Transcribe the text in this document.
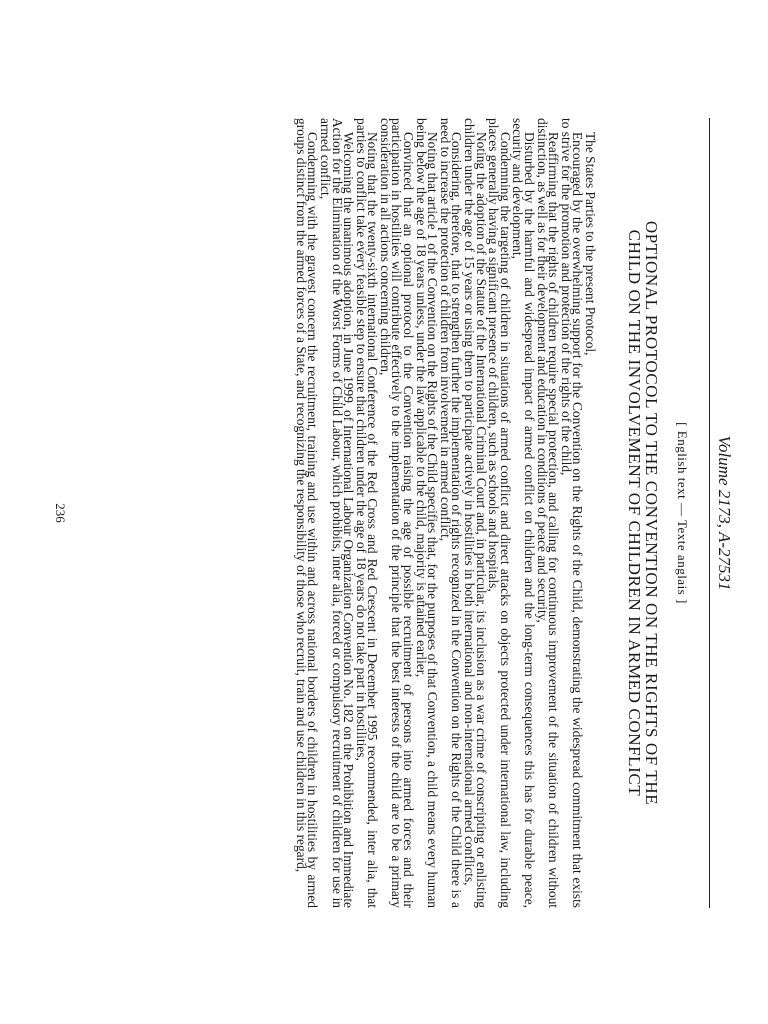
Volume 2173, A-27531
[ English text — Texte anglais ]
OPTIONAL PROTOCOL TO THE CONVENTION ON THE RIGHTS OF THE
CHILD ON THE INVOLVEMENT OF CHILDREN IN ARMED CONFLICT

The States Parties to the present Protocol,

Encouraged by the overwhelming support for the Convention on the Rights of the Child, demonstrating the widespread commitment that exists to strive for the promotion and protection of the rights of the child,

Reaffirming that the rights of children require special protection, and calling for continuous improvement of the situation of children without distinction, as well as for their development and education in conditions of peace and security,

Disturbed by the harmful and widespread impact of armed conflict on children and the long-term consequences this has for durable peace, security and development,

Condemning the targeting of children in situations of armed conflict and direct attacks on objects protected under international law, including places generally having a significant presence of children, such as schools and hospitals,

Noting the adoption of the Statute of the International Criminal Court and, in particular, its inclusion as a war crime of conscripting or enlisting children under the age of 15 years or using them to participate actively in hostilities in both international and non-international armed conflicts,

Considering, therefore, that to strengthen further the implementation of rights recognized in the Convention on the Rights of the Child there is a need to increase the protection of children from involvement in armed conflict,

Noting that article 1 of the Convention on the Rights of the Child specifies that, for the purposes of that Convention, a child means every human being below the age of 18 years unless, under the law applicable to the child, majority is attained earlier,

Convinced that an optional protocol to the Convention raising the age of possible recruitment of persons into armed forces and their participation in hostilities will contribute effectively to the implementation of the principle that the best interests of the child are to be a primary consideration in all actions concerning children,

Noting that the twenty-sixth international Conference of the Red Cross and Red Crescent in December 1995 recommended, inter alia, that parties to conflict take every feasible step to ensure that children under the age of 18 years do not take part in hostilities,

Welcoming the unanimous adoption, in June 1999, of International Labour Organization Convention No. 182 on the Prohibition and Immediate Action for the Elimination of the Worst Forms of Child Labour, which prohibits, inter alia, forced or compulsory recruitment of children for use in armed conflict,

Condemning with the gravest concern the recruitment, training and use within and across national borders of children in hostilities by armed groups distinct from the armed forces of a State, and recognizing the responsibility of those who recruit, train and use children in this regard,

236
